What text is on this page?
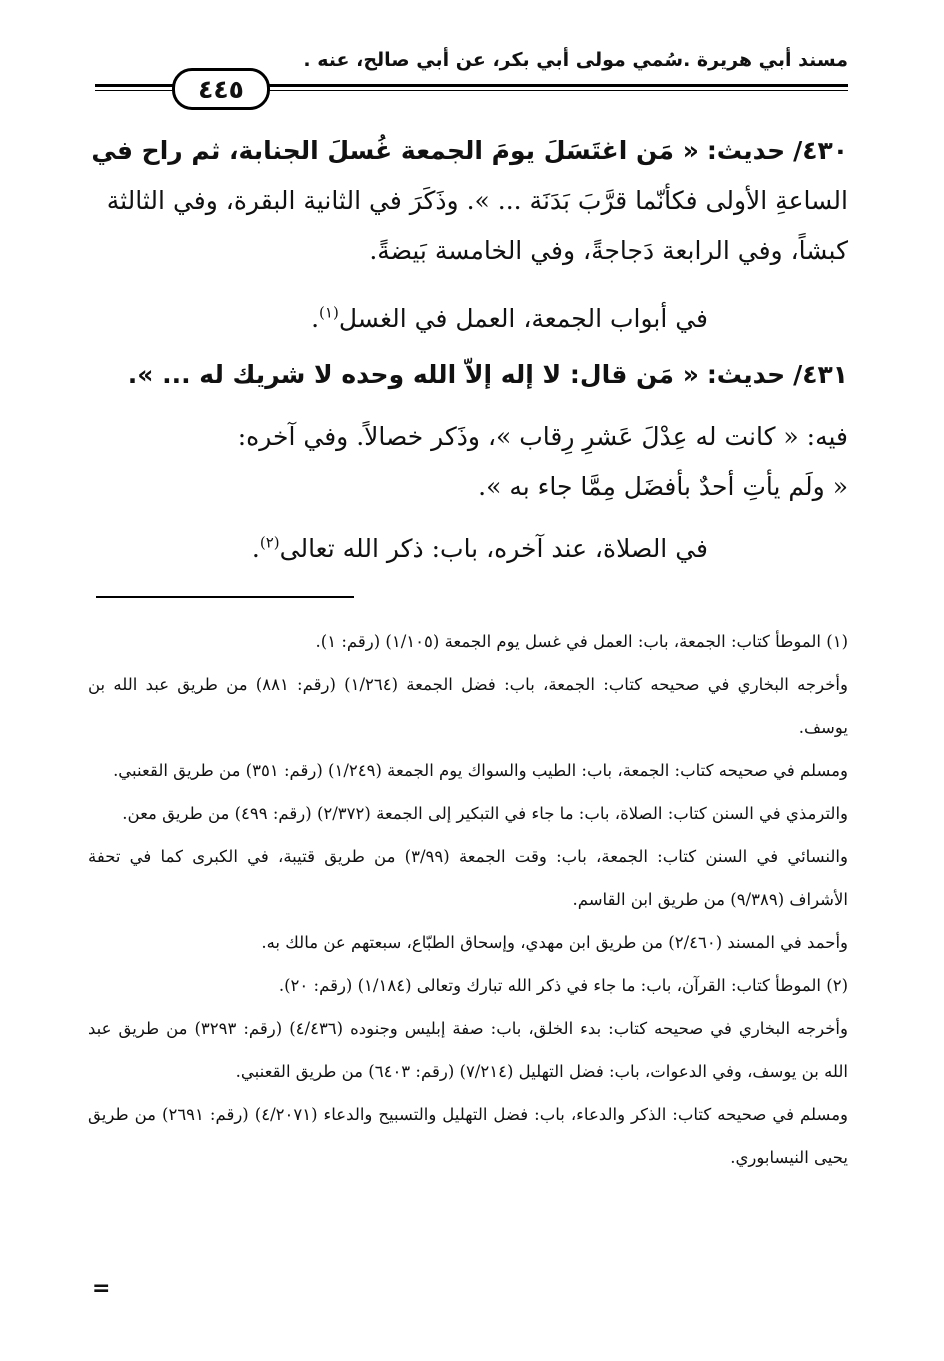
مسند أبي هريرة .سُمي مولى أبي بكر، عن أبي صالح، عنه .
٤٤٥
٤٣٠/ حديث: « مَن اغتَسَلَ يومَ الجمعة غُسلَ الجنابة، ثم راح في
الساعةِ الأولى فكأنّما قرَّبَ بَدَنَة ... ». وذَكَرَ في الثانية البقرة، وفي الثالثة
كبشاً، وفي الرابعة دَجاجةً، وفي الخامسة بَيضةً.
في أبواب الجمعة، العمل في الغسل$^{(١)}$.
٤٣١/ حديث: « مَن قال: لا إله إلاّ الله وحده لا شريك له ... ».
فيه: « كانت له عِدْلَ عَشرِ رِقاب »، وذَكر خصالاً. وفي آخره:
« ولَم يأتِ أحدٌ بأفضَل مِمَّا جاء به ».
في الصلاة، عند آخره، باب: ذكر الله تعالى$^{(٢)}$.

(١) الموطأ كتاب: الجمعة، باب: العمل في غسل يوم الجمعة (١/١٠٥) (رقم: ١).

وأخرجه البخاري في صحيحه كتاب: الجمعة، باب: فضل الجمعة (١/٢٦٤) (رقم: ٨٨١) من طريق عبد الله بن يوسف.

ومسلم في صحيحه كتاب: الجمعة، باب: الطيب والسواك يوم الجمعة (١/٢٤٩) (رقم: ٣٥١) من طريق القعنبي.

والترمذي في السنن كتاب: الصلاة، باب: ما جاء في التبكير إلى الجمعة (٢/٣٧٢) (رقم: ٤٩٩) من طريق معن.

والنسائي في السنن كتاب: الجمعة، باب: وقت الجمعة (٣/٩٩) من طريق قتيبة، في الكبرى كما في تحفة الأشراف (٩/٣٨٩) من طريق ابن القاسم.

وأحمد في المسند (٢/٤٦٠) من طريق ابن مهدي، وإسحاق الطبّاع، سبعتهم عن مالك به.

(٢) الموطأ كتاب: القرآن، باب: ما جاء في ذكر الله تبارك وتعالى (١/١٨٤) (رقم: ٢٠).

وأخرجه البخاري في صحيحه كتاب: بدء الخلق، باب: صفة إبليس وجنوده (٤/٤٣٦) (رقم: ٣٢٩٣) من طريق عبد الله بن يوسف، وفي الدعوات، باب: فضل التهليل (٧/٢١٤) (رقم: ٦٤٠٣) من طريق القعنبي.

ومسلم في صحيحه كتاب: الذكر والدعاء، باب: فضل التهليل والتسبيح والدعاء (٤/٢٠٧١) (رقم: ٢٦٩١) من طريق يحيى النيسابوري.

=
